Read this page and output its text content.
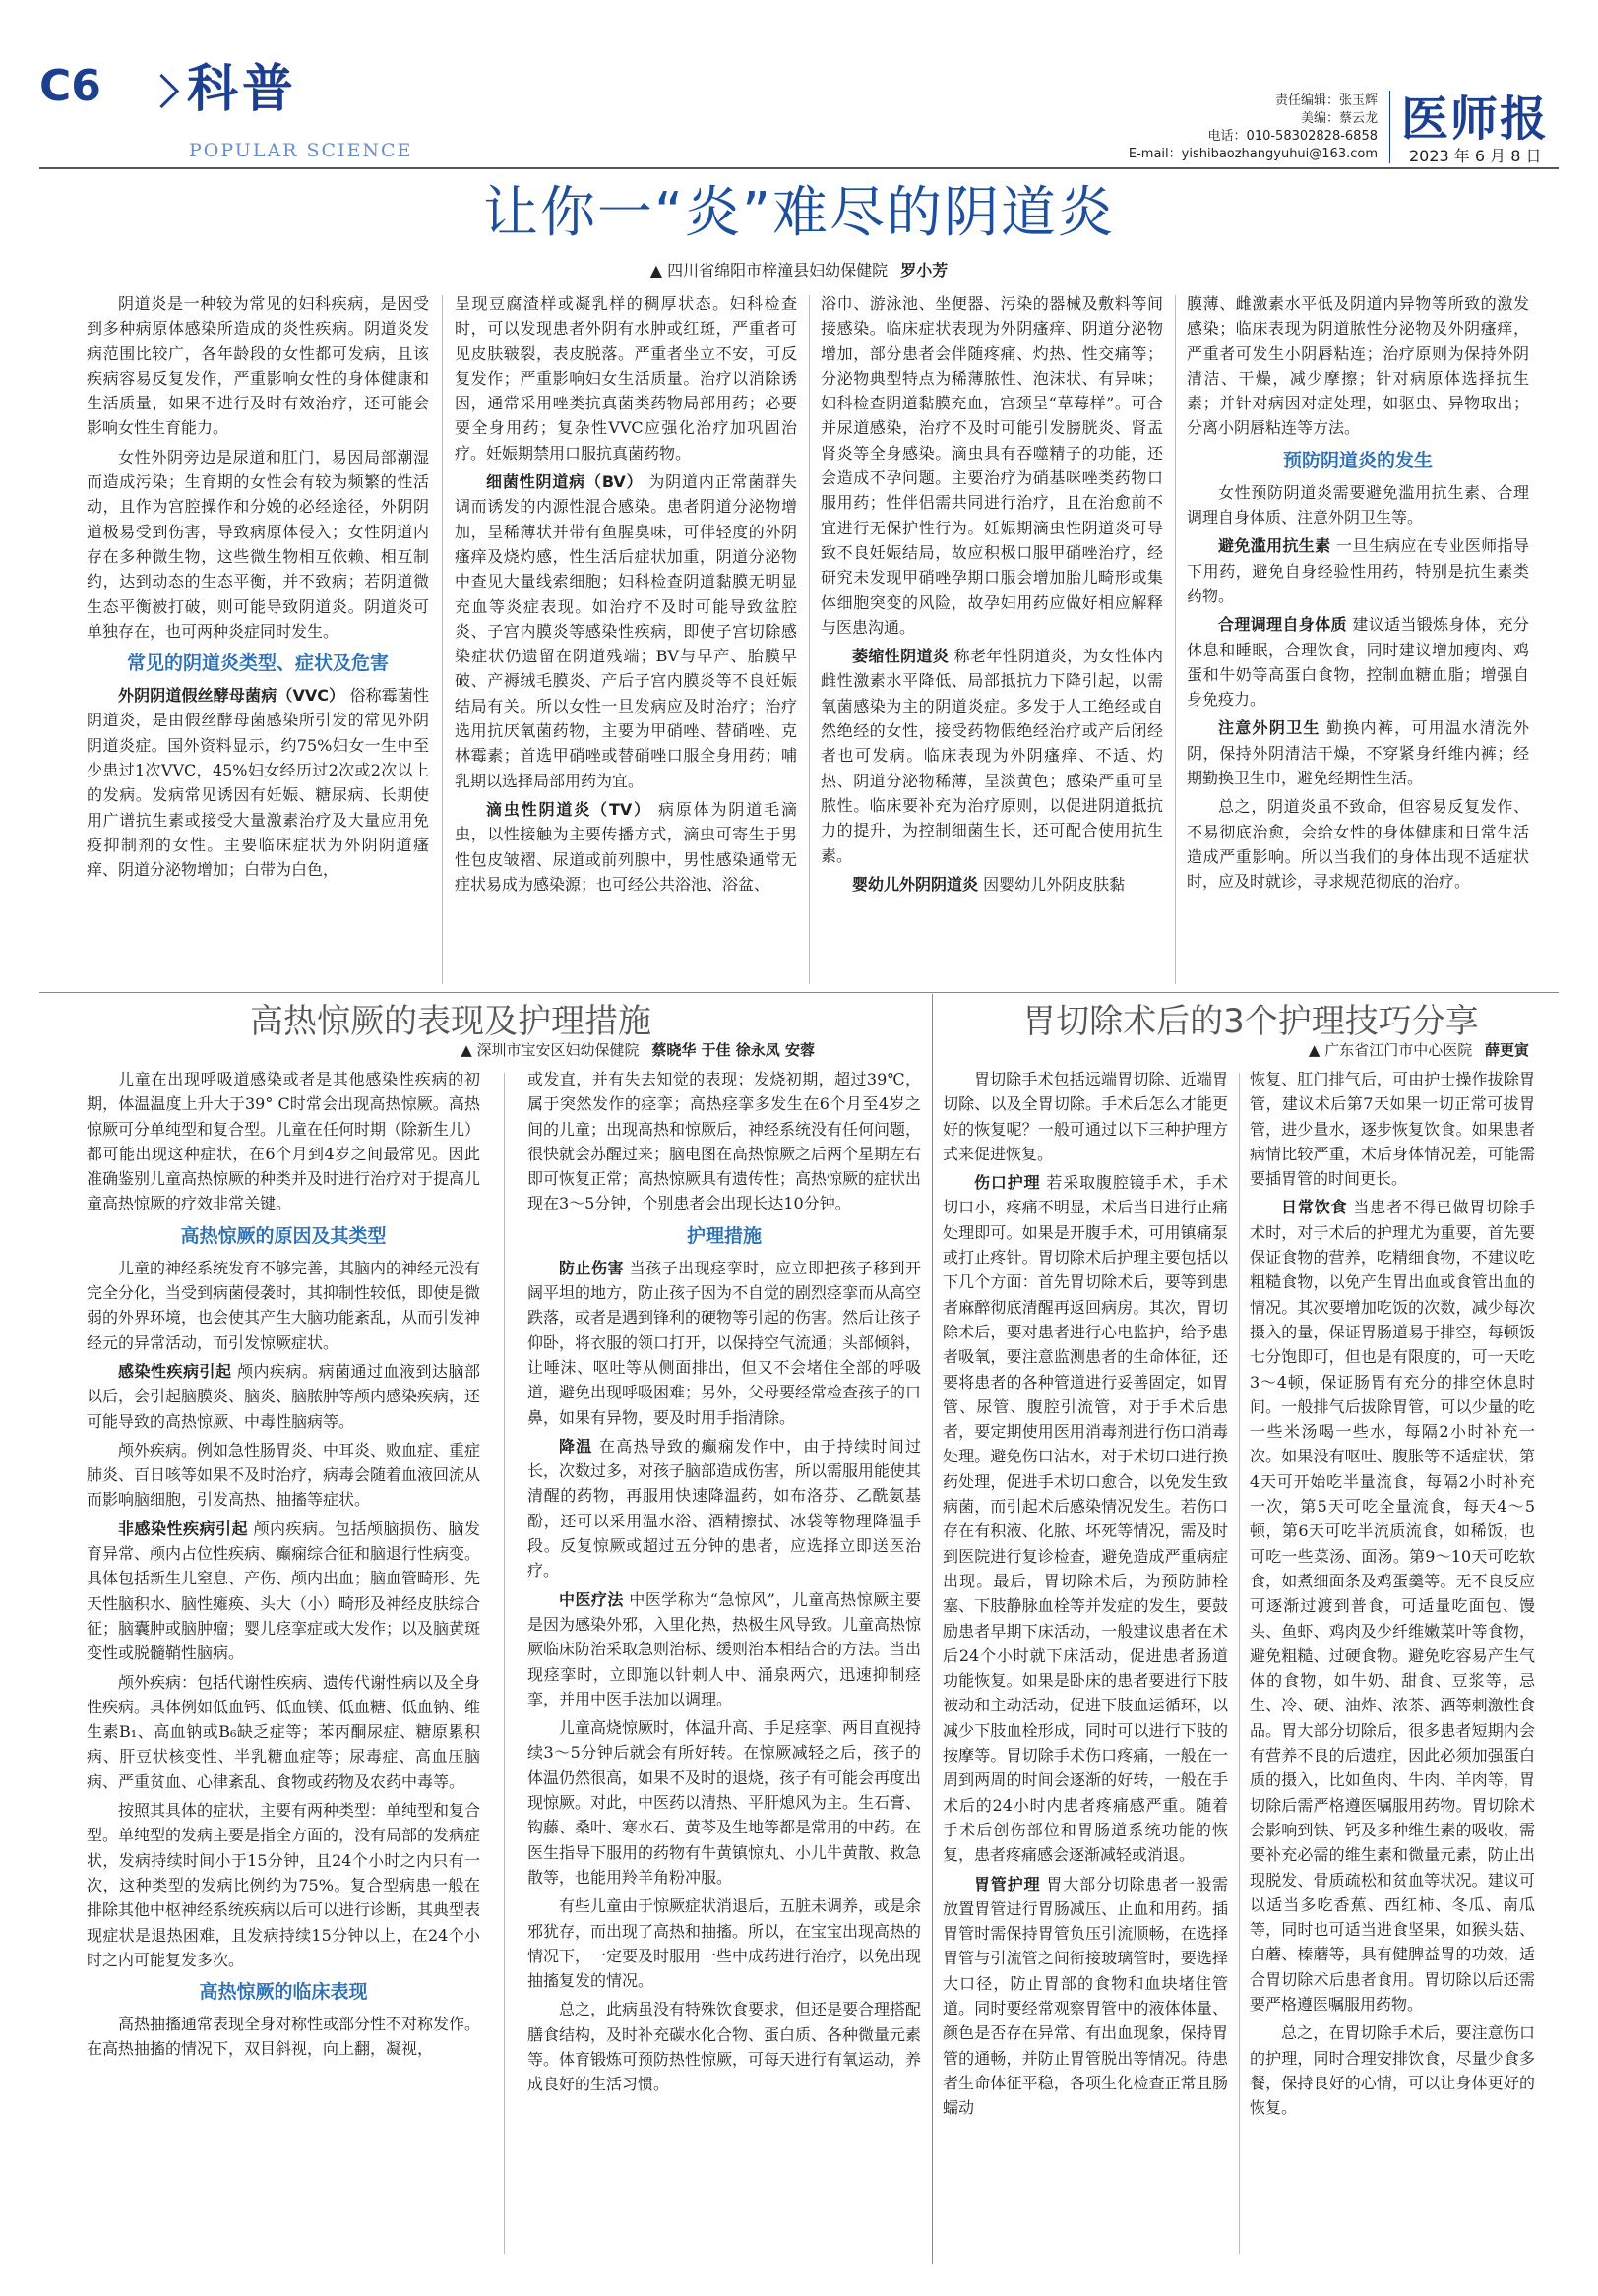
C6 科普
POPULAR SCIENCE
责任编辑：张玉辉
美编：蔡云龙
电话：010-58302828-6858
E-mail：yishibaozhangyuhui@163.com
医师报
2023 年 6 月 8 日
让你一“炎”难尽的阴道炎
▲ 四川省绵阳市梓潼县妇幼保健院 罗小芳

阴道炎是一种较为常见的妇科疾病，是因受到多种病原体感染所造成的炎性疾病。阴道炎发病范围比较广，各年龄段的女性都可发病，且该疾病容易反复发作，严重影响女性的身体健康和生活质量，如果不进行及时有效治疗，还可能会影响女性生育能力。

女性外阴旁边是尿道和肛门，易因局部潮湿而造成污染；生育期的女性会有较为频繁的性活动，且作为宫腔操作和分娩的必经途径，外阴阴道极易受到伤害，导致病原体侵入；女性阴道内存在多种微生物，这些微生物相互依赖、相互制约，达到动态的生态平衡，并不致病；若阴道微生态平衡被打破，则可能导致阴道炎。阴道炎可单独存在，也可两种炎症同时发生。

常见的阴道炎类型、症状及危害

外阴阴道假丝酵母菌病（VVC） 俗称霉菌性阴道炎，是由假丝酵母菌感染所引发的常见外阴阴道炎症。国外资料显示，约75%妇女一生中至少患过1次VVC，45%妇女经历过2次或2次以上的发病。发病常见诱因有妊娠、糖尿病、长期使用广谱抗生素或接受大量激素治疗及大量应用免疫抑制剂的女性。主要临床症状为外阴阴道瘙痒、阴道分泌物增加；白带为白色，

呈现豆腐渣样或凝乳样的稠厚状态。妇科检查时，可以发现患者外阴有水肿或红斑，严重者可见皮肤皲裂，表皮脱落。严重者坐立不安，可反复发作；严重影响妇女生活质量。治疗以消除诱因，通常采用唑类抗真菌类药物局部用药；必要要全身用药；复杂性VVC应强化治疗加巩固治疗。妊娠期禁用口服抗真菌药物。

细菌性阴道病（BV） 为阴道内正常菌群失调而诱发的内源性混合感染。患者阴道分泌物增加，呈稀薄状并带有鱼腥臭味，可伴轻度的外阴瘙痒及烧灼感，性生活后症状加重，阴道分泌物中查见大量线索细胞；妇科检查阴道黏膜无明显充血等炎症表现。如治疗不及时可能导致盆腔炎、子宫内膜炎等感染性疾病，即使子宫切除感染症状仍遗留在阴道残端；BV与早产、胎膜早破、产褥绒毛膜炎、产后子宫内膜炎等不良妊娠结局有关。所以女性一旦发病应及时治疗；治疗选用抗厌氧菌药物，主要为甲硝唑、替硝唑、克林霉素；首选甲硝唑或替硝唑口服全身用药；哺乳期以选择局部用药为宜。

滴虫性阴道炎（TV） 病原体为阴道毛滴虫，以性接触为主要传播方式，滴虫可寄生于男性包皮皱褶、尿道或前列腺中，男性感染通常无症状易成为感染源；也可经公共浴池、浴盆、

浴巾、游泳池、坐便器、污染的器械及敷料等间接感染。临床症状表现为外阴瘙痒、阴道分泌物增加，部分患者会伴随疼痛、灼热、性交痛等；分泌物典型特点为稀薄脓性、泡沫状、有异味；妇科检查阴道黏膜充血，宫颈呈“草莓样”。可合并尿道感染，治疗不及时可能引发膀胱炎、肾盂肾炎等全身感染。滴虫具有吞噬精子的功能，还会造成不孕问题。主要治疗为硝基咪唑类药物口服用药；性伴侣需共同进行治疗，且在治愈前不宜进行无保护性行为。妊娠期滴虫性阴道炎可导致不良妊娠结局，故应积极口服甲硝唑治疗，经研究未发现甲硝唑孕期口服会增加胎儿畸形或集体细胞突变的风险，故孕妇用药应做好相应解释与医患沟通。

萎缩性阴道炎 称老年性阴道炎，为女性体内雌性激素水平降低、局部抵抗力下降引起，以需氧菌感染为主的阴道炎症。多发于人工绝经或自然绝经的女性，接受药物假绝经治疗或产后闭经者也可发病。临床表现为外阴瘙痒、不适、灼热、阴道分泌物稀薄，呈淡黄色；感染严重可呈脓性。临床要补充为治疗原则，以促进阴道抵抗力的提升，为控制细菌生长，还可配合使用抗生素。

婴幼儿外阴阴道炎 因婴幼儿外阴皮肤黏

膜薄、雌激素水平低及阴道内异物等所致的激发感染；临床表现为阴道脓性分泌物及外阴瘙痒，严重者可发生小阴唇粘连；治疗原则为保持外阴清洁、干燥，减少摩擦；针对病原体选择抗生素；并针对病因对症处理，如驱虫、异物取出；分离小阴唇粘连等方法。

预防阴道炎的发生

女性预防阴道炎需要避免滥用抗生素、合理调理自身体质、注意外阴卫生等。

避免滥用抗生素 一旦生病应在专业医师指导下用药，避免自身经验性用药，特别是抗生素类药物。

合理调理自身体质 建议适当锻炼身体，充分休息和睡眠，合理饮食，同时建议增加瘦肉、鸡蛋和牛奶等高蛋白食物，控制血糖血脂；增强自身免疫力。

注意外阴卫生 勤换内裤，可用温水清洗外阴，保持外阴清洁干燥，不穿紧身纤维内裤；经期勤换卫生巾，避免经期性生活。

总之，阴道炎虽不致命，但容易反复发作、不易彻底治愈，会给女性的身体健康和日常生活造成严重影响。所以当我们的身体出现不适症状时，应及时就诊，寻求规范彻底的治疗。

高热惊厥的表现及护理措施
▲ 深圳市宝安区妇幼保健院 蔡晓华 于佳 徐永凤 安蓉

儿童在出现呼吸道感染或者是其他感染性疾病的初期，体温温度上升大于39° C时常会出现高热惊厥。高热惊厥可分单纯型和复合型。儿童在任何时期（除新生儿）都可能出现这种症状，在6个月到4岁之间最常见。因此准确鉴别儿童高热惊厥的种类并及时进行治疗对于提高儿童高热惊厥的疗效非常关键。

高热惊厥的原因及其类型

儿童的神经系统发育不够完善，其脑内的神经元没有完全分化，当受到病菌侵袭时，其抑制性较低，即使是微弱的外界环境，也会使其产生大脑功能紊乱，从而引发神经元的异常活动，而引发惊厥症状。

感染性疾病引起 颅内疾病。病菌通过血液到达脑部以后，会引起脑膜炎、脑炎、脑脓肿等颅内感染疾病，还可能导致的高热惊厥、中毒性脑病等。

颅外疾病。例如急性肠胃炎、中耳炎、败血症、重症肺炎、百日咳等如果不及时治疗，病毒会随着血液回流从而影响脑细胞，引发高热、抽搐等症状。

非感染性疾病引起 颅内疾病。包括颅脑损伤、脑发育异常、颅内占位性疾病、癫痫综合征和脑退行性病变。具体包括新生儿窒息、产伤、颅内出血；脑血管畸形、先天性脑积水、脑性瘫痪、头大（小）畸形及神经皮肤综合征；脑囊肿或脑肿瘤；婴儿痉挛症或大发作；以及脑黄斑变性或脱髓鞘性脑病。

颅外疾病：包括代谢性疾病、遗传代谢性病以及全身性疾病。具体例如低血钙、低血镁、低血糖、低血钠、维生素B₁、高血钠或B₆缺乏症等；苯丙酮尿症、糖原累积病、肝豆状核变性、半乳糖血症等；尿毒症、高血压脑病、严重贫血、心律紊乱、食物或药物及农药中毒等。

按照其具体的症状，主要有两种类型：单纯型和复合型。单纯型的发病主要是指全方面的，没有局部的发病症状，发病持续时间小于15分钟，且24个小时之内只有一次，这种类型的发病比例约为75%。复合型病患一般在排除其他中枢神经系统疾病以后可以进行诊断，其典型表现症状是退热困难，且发病持续15分钟以上，在24个小时之内可能复发多次。

高热惊厥的临床表现

高热抽搐通常表现全身对称性或部分性不对称发作。在高热抽搐的情况下，双目斜视，向上翻，凝视，

或发直，并有失去知觉的表现；发烧初期，超过39℃，属于突然发作的痉挛；高热痉挛多发生在6个月至4岁之间的儿童；出现高热和惊厥后，神经系统没有任何问题，很快就会苏醒过来；脑电图在高热惊厥之后两个星期左右即可恢复正常；高热惊厥具有遗传性；高热惊厥的症状出现在3～5分钟，个别患者会出现长达10分钟。

护理措施

防止伤害 当孩子出现痉挛时，应立即把孩子移到开阔平坦的地方，防止孩子因为不自觉的剧烈痉挛而从高空跌落，或者是遇到锋利的硬物等引起的伤害。然后让孩子仰卧，将衣服的领口打开，以保持空气流通；头部倾斜，让唾沫、呕吐等从侧面排出，但又不会堵住全部的呼吸道，避免出现呼吸困难；另外，父母要经常检查孩子的口鼻，如果有异物，要及时用手指清除。

降温 在高热导致的癫痫发作中，由于持续时间过长，次数过多，对孩子脑部造成伤害，所以需服用能使其清醒的药物，再服用快速降温药，如布洛芬、乙酰氨基酚，还可以采用温水浴、酒精擦拭、冰袋等物理降温手段。反复惊厥或超过五分钟的患者，应选择立即送医治疗。

中医疗法 中医学称为“急惊风”，儿童高热惊厥主要是因为感染外邪，入里化热，热极生风导致。儿童高热惊厥临床防治采取急则治标、缓则治本相结合的方法。当出现痉挛时，立即施以针刺人中、涌泉两穴，迅速抑制痉挛，并用中医手法加以调理。

儿童高烧惊厥时，体温升高、手足痉挛、两目直视持续3～5分钟后就会有所好转。在惊厥减轻之后，孩子的体温仍然很高，如果不及时的退烧，孩子有可能会再度出现惊厥。对此，中医药以清热、平肝熄风为主。生石膏、钩藤、桑叶、寒水石、黄芩及生地等都是常用的中药。在医生指导下服用的药物有牛黄镇惊丸、小儿牛黄散、救急散等，也能用羚羊角粉冲服。

有些儿童由于惊厥症状消退后，五脏未调养，或是余邪犹存，而出现了高热和抽搐。所以，在宝宝出现高热的情况下，一定要及时服用一些中成药进行治疗，以免出现抽搐复发的情况。

总之，此病虽没有特殊饮食要求，但还是要合理搭配膳食结构，及时补充碳水化合物、蛋白质、各种微量元素等。体育锻炼可预防热性惊厥，可每天进行有氧运动，养成良好的生活习惯。

胃切除术后的3个护理技巧分享
▲ 广东省江门市中心医院 薛更寅

胃切除手术包括远端胃切除、近端胃切除、以及全胃切除。手术后怎么才能更好的恢复呢？一般可通过以下三种护理方式来促进恢复。

伤口护理 若采取腹腔镜手术，手术切口小，疼痛不明显，术后当日进行止痛处理即可。如果是开腹手术，可用镇痛泵或打止疼针。胃切除术后护理主要包括以下几个方面：首先胃切除术后，要等到患者麻醉彻底清醒再返回病房。其次，胃切除术后，要对患者进行心电监护，给予患者吸氧，要注意监测患者的生命体征，还要将患者的各种管道进行妥善固定，如胃管、尿管、腹腔引流管，对于手术后患者，要定期使用医用消毒剂进行伤口消毒处理。避免伤口沾水，对于术切口进行换药处理，促进手术切口愈合，以免发生致病菌，而引起术后感染情况发生。若伤口存在有积液、化脓、坏死等情况，需及时到医院进行复诊检查，避免造成严重病症出现。最后，胃切除术后，为预防肺栓塞、下肢静脉血栓等并发症的发生，要鼓励患者早期下床活动，一般建议患者在术后24个小时就下床活动，促进患者肠道功能恢复。如果是卧床的患者要进行下肢被动和主动活动，促进下肢血运循环，以减少下肢血栓形成，同时可以进行下肢的按摩等。胃切除手术伤口疼痛，一般在一周到两周的时间会逐渐的好转，一般在手术后的24小时内患者疼痛感严重。随着手术后创伤部位和胃肠道系统功能的恢复，患者疼痛感会逐渐减轻或消退。

胃管护理 胃大部分切除患者一般需放置胃管进行胃肠减压、止血和用药。插胃管时需保持胃管负压引流顺畅，在选择胃管与引流管之间衔接玻璃管时，要选择大口径，防止胃部的食物和血块堵住管道。同时要经常观察胃管中的液体体量、颜色是否存在异常、有出血现象，保持胃管的通畅，并防止胃管脱出等情况。待患者生命体征平稳，各项生化检查正常且肠蠕动

恢复、肛门排气后，可由护士操作拔除胃管，建议术后第7天如果一切正常可拔胃管，进少量水，逐步恢复饮食。如果患者病情比较严重，术后身体情况差，可能需要插胃管的时间更长。

日常饮食 当患者不得已做胃切除手术时，对于术后的护理尤为重要，首先要保证食物的营养，吃精细食物，不建议吃粗糙食物，以免产生胃出血或食管出血的情况。其次要增加吃饭的次数，减少每次摄入的量，保证胃肠道易于排空，每顿饭七分饱即可，但也是有限度的，可一天吃3～4顿，保证肠胃有充分的排空休息时间。一般排气后拔除胃管，可以少量的吃一些米汤喝一些水，每隔2小时补充一次。如果没有呕吐、腹胀等不适症状，第4天可开始吃半量流食，每隔2小时补充一次，第5天可吃全量流食，每天4～5顿，第6天可吃半流质流食，如稀饭，也可吃一些菜汤、面汤。第9～10天可吃软食，如煮细面条及鸡蛋羹等。无不良反应可逐渐过渡到普食，可适量吃面包、馒头、鱼虾、鸡肉及少纤维嫩菜叶等食物，避免粗糙、过硬食物。避免吃容易产生气体的食物，如牛奶、甜食、豆浆等，忌生、冷、硬、油炸、浓茶、酒等刺激性食品。胃大部分切除后，很多患者短期内会有营养不良的后遗症，因此必须加强蛋白质的摄入，比如鱼肉、牛肉、羊肉等，胃切除后需严格遵医嘱服用药物。胃切除术会影响到铁、钙及多种维生素的吸收，需要补充必需的维生素和微量元素，防止出现脱发、骨质疏松和贫血等状况。建议可以适当多吃香蕉、西红柿、冬瓜、南瓜等，同时也可适当进食坚果，如猴头菇、白蘑、榛蘑等，具有健脾益胃的功效，适合胃切除术后患者食用。胃切除以后还需要严格遵医嘱服用药物。

总之，在胃切除手术后，要注意伤口的护理，同时合理安排饮食，尽量少食多餐，保持良好的心情，可以让身体更好的恢复。
